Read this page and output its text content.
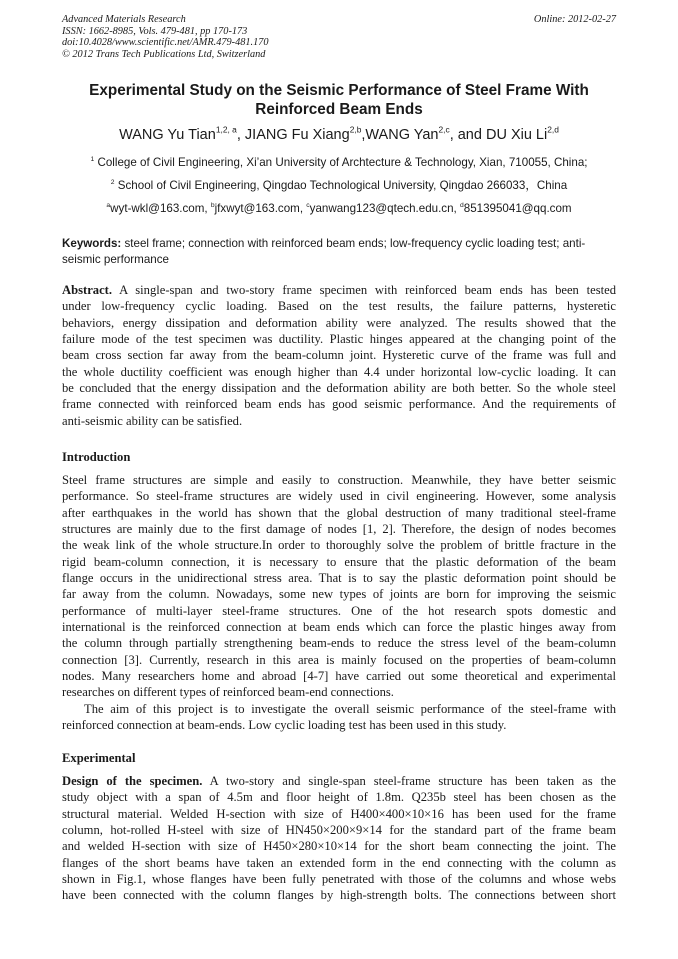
Advanced Materials Research
ISSN: 1662-8985, Vols. 479-481, pp 170-173
doi:10.4028/www.scientific.net/AMR.479-481.170
© 2012 Trans Tech Publications Ltd, Switzerland
Online: 2012-02-27
Experimental Study on the Seismic Performance of Steel Frame With
Reinforced Beam Ends
WANG Yu Tian$^{1,2, a}$, JIANG Fu Xiang$^{2,b}$,WANG Yan$^{2,c}$, and DU Xiu Li$^{2,d}$
$^1$ College of Civil Engineering, Xi’an University of Archtecture & Technology, Xian, 710055, China;
$^2$ School of Civil Engineering, Qingdao Technological University, Qingdao 266033，China
$^a$wyt-wkl@163.com, $^b$jfxwyt@163.com, $^c$yanwang123@qtech.edu.cn, $^d$851395041@qq.com
Keywords: steel frame; connection with reinforced beam ends; low-frequency cyclic loading test; anti-seismic performance
Abstract. A single-span and two-story frame specimen with reinforced beam ends has been tested
under low-frequency cyclic loading. Based on the test results, the failure patterns, hysteretic
behaviors, energy dissipation and deformation ability were analyzed. The results showed that the
failure mode of the test specimen was ductility. Plastic hinges appeared at the changing point of the
beam cross section far away from the beam-column joint. Hysteretic curve of the frame was full and
the whole ductility coefficient was enough higher than 4.4 under horizontal low-cyclic loading. It can
be concluded that the energy dissipation and the deformation ability are both better. So the whole steel
frame connected with reinforced beam ends has good seismic performance. And the requirements of
anti-seismic ability can be satisfied.
Introduction
Steel frame structures are simple and easily to construction. Meanwhile, they have better seismic
performance. So steel-frame structures are widely used in civil engineering. However, some analysis
after earthquakes in the world has shown that the global destruction of many traditional steel-frame
structures are mainly due to the first damage of nodes [1, 2]. Therefore, the design of nodes becomes
the weak link of the whole structure.In order to thoroughly solve the problem of brittle fracture in the
rigid beam-column connection, it is necessary to ensure that the plastic deformation of the beam
flange occurs in the unidirectional stress area. That is to say the plastic deformation point should be
far away from the column. Nowadays, some new types of joints are born for improving the seismic
performance of multi-layer steel-frame structures. One of the hot research spots domestic and
international is the reinforced connection at beam ends which can force the plastic hinges away from
the column through partially strengthening beam-ends to reduce the stress level of the beam-column
connection [3]. Currently, research in this area is mainly focused on the properties of beam-column
nodes. Many researchers home and abroad [4-7] have carried out some theoretical and experimental
researches on different types of reinforced beam-end connections.
The aim of this project is to investigate the overall seismic performance of the steel-frame with
reinforced connection at beam-ends. Low cyclic loading test has been used in this study.
Experimental
Design of the specimen. A two-story and single-span steel-frame structure has been taken as the
study object with a span of 4.5m and floor height of 1.8m. Q235b steel has been chosen as the
structural material. Welded H-section with size of H400×400×10×16 has been used for the frame
column, hot-rolled H-steel with size of HN450×200×9×14 for the standard part of the frame beam
and welded H-section with size of H450×280×10×14 for the short beam connecting the joint. The
flanges of the short beams have taken an extended form in the end connecting with the column as
shown in Fig.1, whose flanges have been fully penetrated with those of the columns and whose webs
have been connected with the column flanges by high-strength bolts. The connections between short
